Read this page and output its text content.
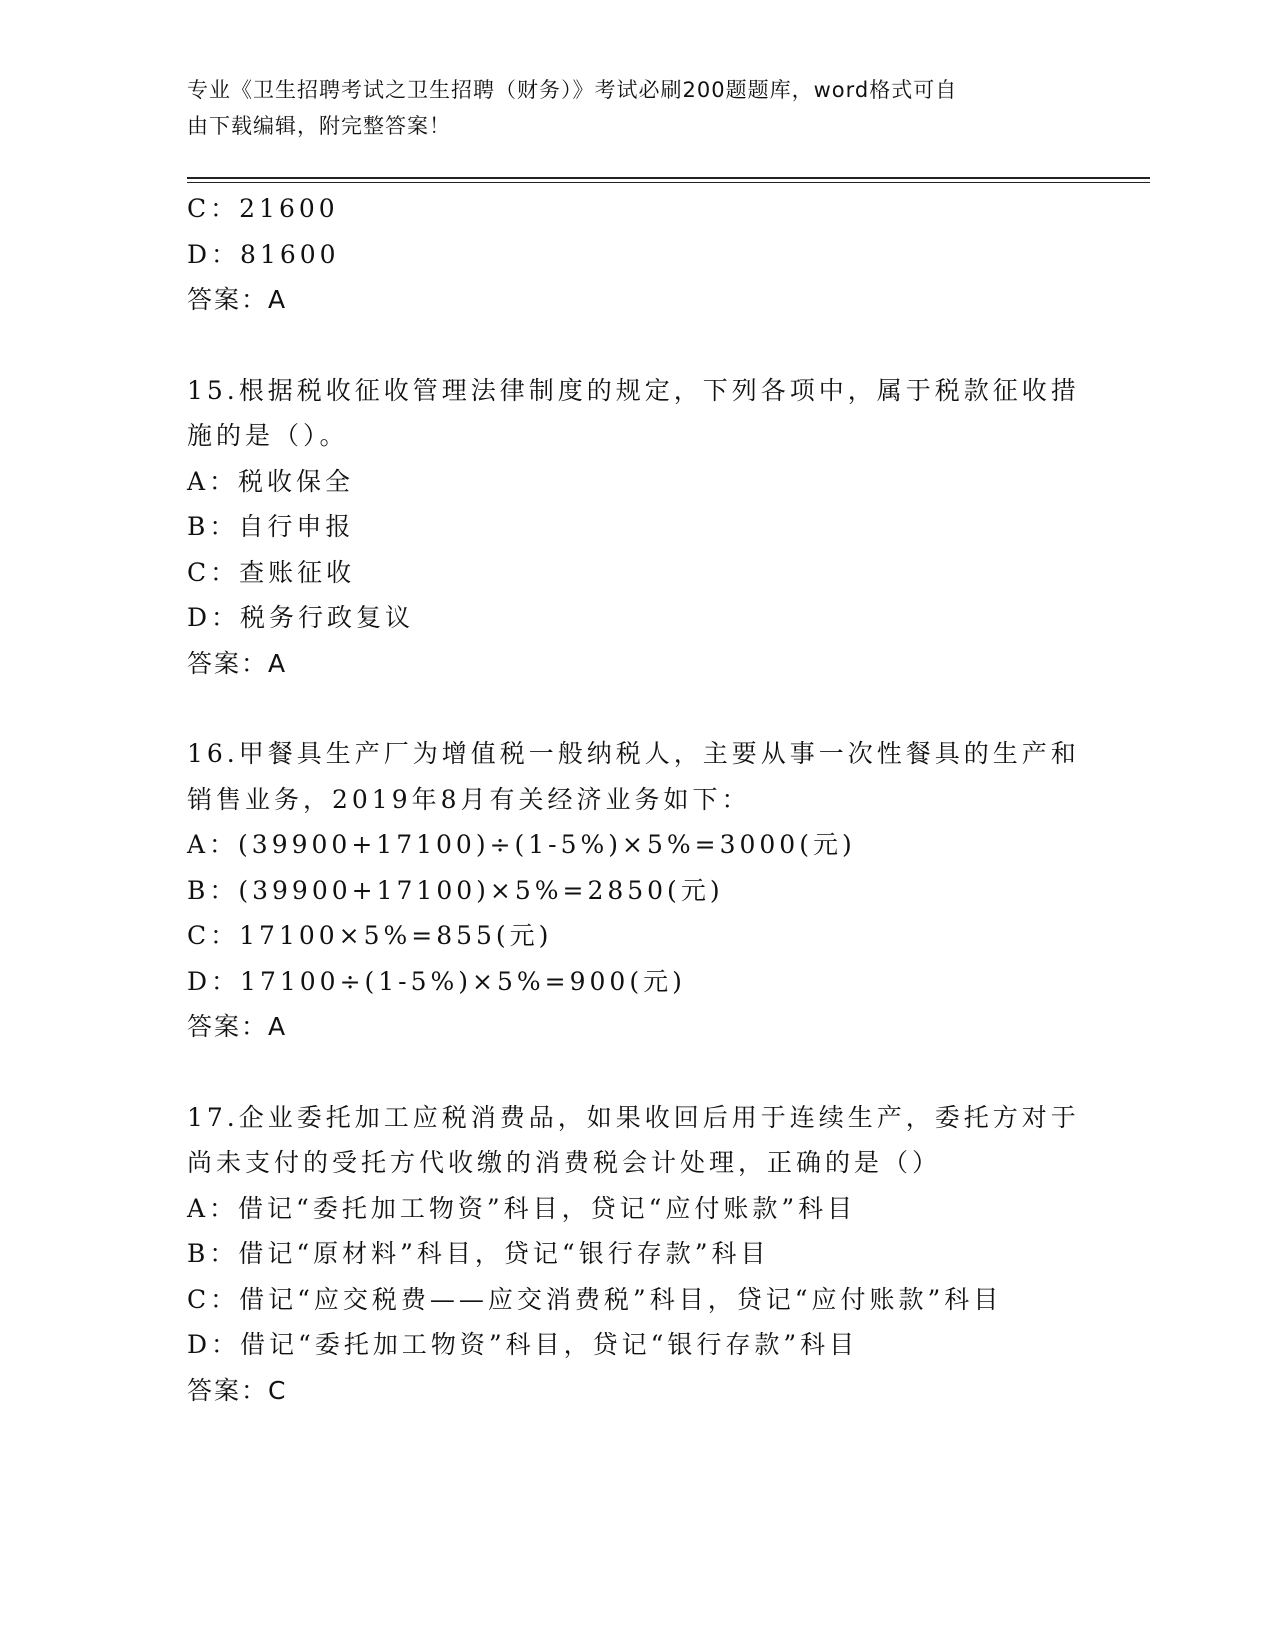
专业《卫生招聘考试之卫生招聘（财务）》考试必刷200题题库，word格式可自
由下载编辑，附完整答案！
C：21600
D：81600
答案：A
15.根据税收征收管理法律制度的规定，下列各项中，属于税款征收措
施的是（）。
A：税收保全
B：自行申报
C：查账征收
D：税务行政复议
答案：A
16.甲餐具生产厂为增值税一般纳税人，主要从事一次性餐具的生产和
销售业务，2019年8月有关经济业务如下：
A：(39900+17100)÷(1-5%)×5%=3000(元)
B：(39900+17100)×5%=2850(元)
C：17100×5%=855(元)
D：17100÷(1-5%)×5%=900(元)
答案：A
17.企业委托加工应税消费品，如果收回后用于连续生产，委托方对于
尚未支付的受托方代收缴的消费税会计处理，正确的是（）
A：借记“委托加工物资”科目，贷记“应付账款”科目
B：借记“原材料”科目，贷记“银行存款”科目
C：借记“应交税费——应交消费税”科目，贷记“应付账款”科目
D：借记“委托加工物资”科目，贷记“银行存款”科目
答案：C
